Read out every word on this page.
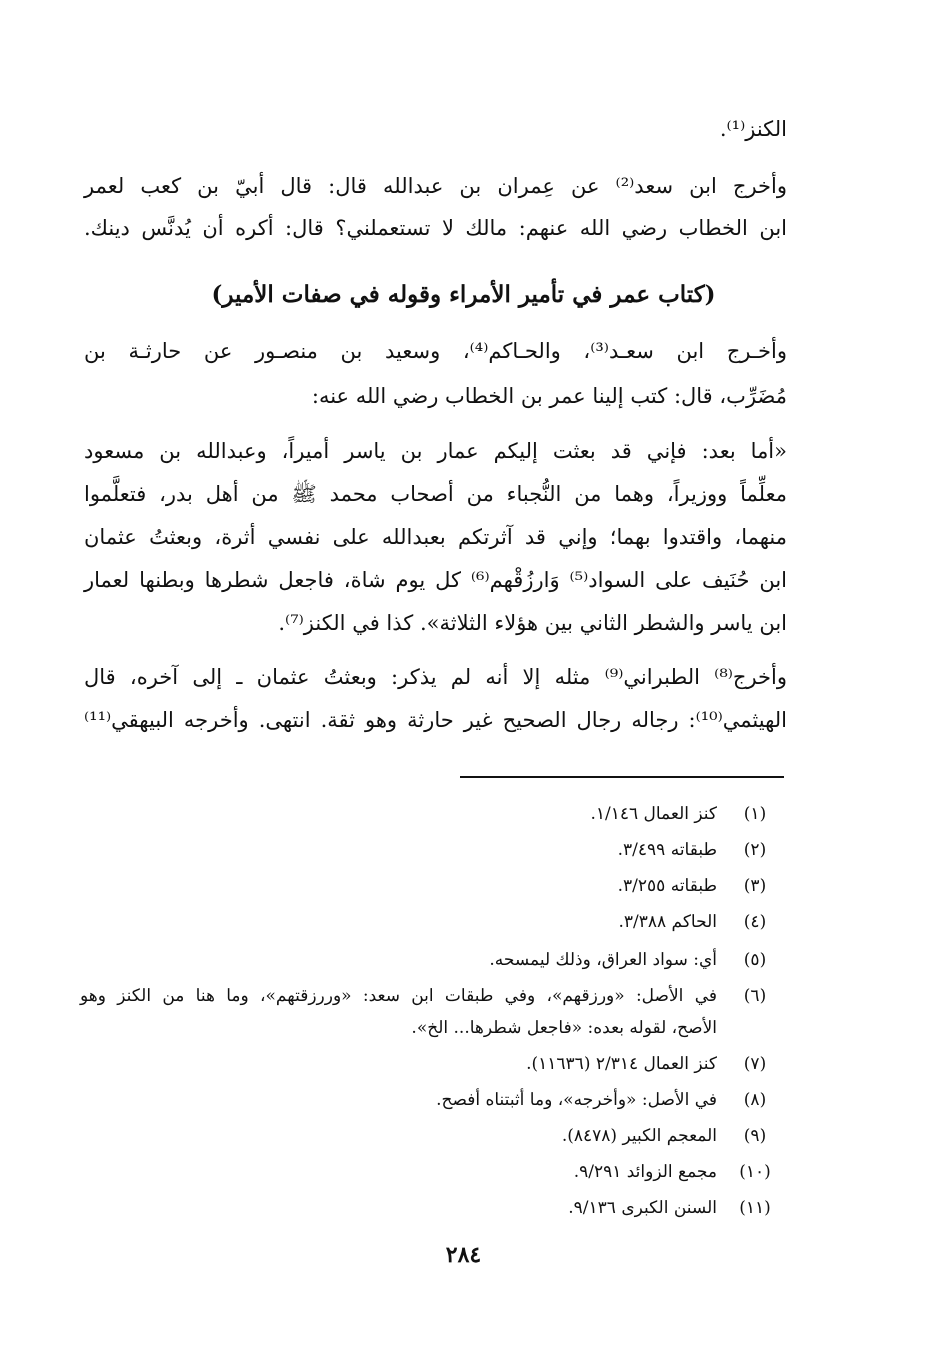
الكنز⁽¹⁾.
وأخرج ابن سعد⁽²⁾ عن عِمران بن عبدالله قال: قال أبيّ بن كعب لعمر
ابن الخطاب رضي الله عنهم: مالك لا تستعملني؟ قال: أكره أن يُدنَّس دينك.
(كتاب عمر في تأمير الأمراء وقوله في صفات الأمير)
وأخـرج ابن سعـد⁽³⁾، والحـاكم⁽⁴⁾، وسعيد بن منصـور عن حارثـة بن
مُضَرِّب، قال: كتب إلينا عمر بن الخطاب رضي الله عنه:
«أما بعد: فإني قد بعثت إليكم عمار بن ياسر أميراً، وعبدالله بن مسعود
معلِّماً ووزيراً، وهما من النُّجباء من أصحاب محمد ﷺ من أهل بدر، فتعلَّموا
منهما، واقتدوا بهما؛ وإني قد آثرتكم بعبدالله على نفسي أثرة، وبعثتُ عثمان
ابن حُنَيف على السواد⁽⁵⁾ وَارزُقْهم⁽⁶⁾ كل يوم شاة، فاجعل شطرها وبطنها لعمار
ابن ياسر والشطر الثاني بين هؤلاء الثلاثة». كذا في الكنز⁽⁷⁾.
وأخرج⁽⁸⁾ الطبراني⁽⁹⁾ مثله إلا أنه لم يذكر: وبعثتُ عثمان ـ إلى آخره، قال
الهيثمي⁽¹⁰⁾: رجاله رجال الصحيح غير حارثة وهو ثقة. انتهى. وأخرجه البيهقي⁽¹¹⁾
(١)
كنز العمال ١/١٤٦.
(٢)
طبقاته ٣/٤٩٩.
(٣)
طبقاته ٣/٢٥٥.
(٤)
الحاكم ٣/٣٨٨.
(٥)
أي: سواد العراق، وذلك ليمسحه.
(٦)
في الأصل: «ورزقهم»، وفي طبقات ابن سعد: «وررزقتهم»، وما هنا من الكنز وهو
الأصح، لقوله بعده: «فاجعل شطرها... الخ».
(٧)
كنز العمال ٢/٣١٤ (١١٦٣٦).
(٨)
في الأصل: «وأخرجه»، وما أثبتناه أفصح.
(٩)
المعجم الكبير (٨٤٧٨).
(١٠)
مجمع الزوائد ٩/٢٩١.
(١١)
السنن الكبرى ٩/١٣٦.
٢٨٤
